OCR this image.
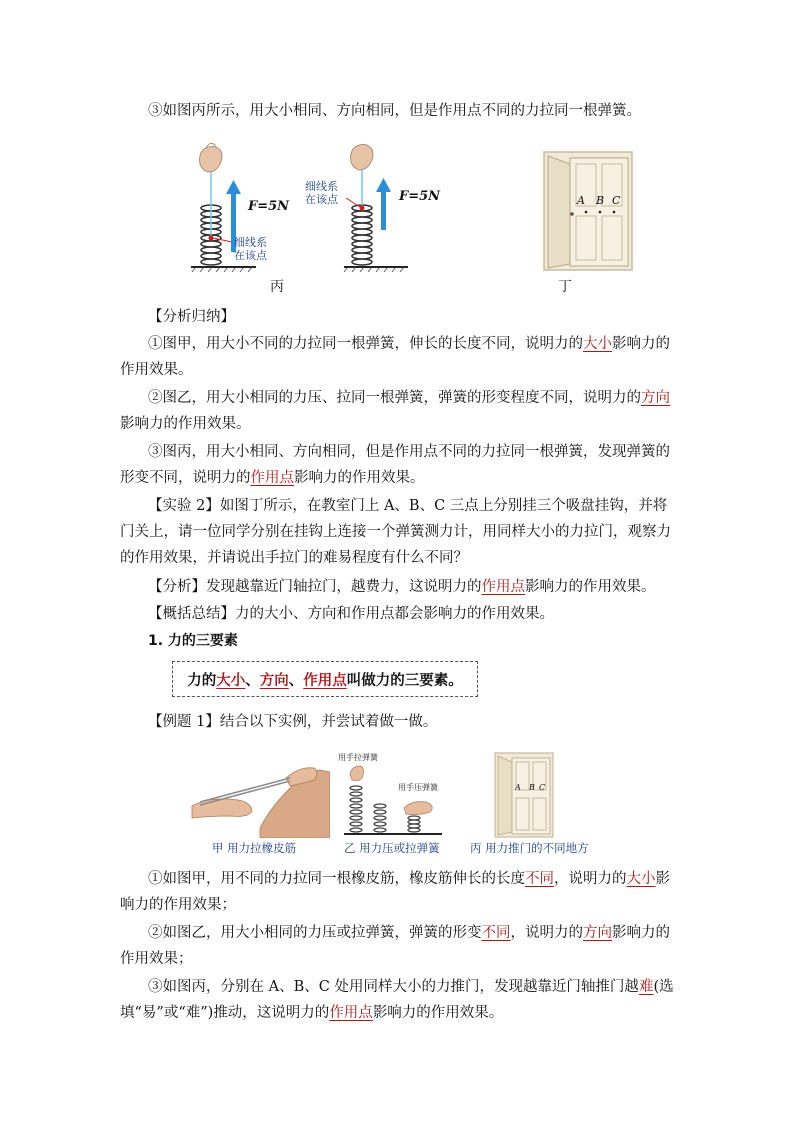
③如图丙所示，用大小相同、方向相同，但是作用点不同的力拉同一根弹簧。

F=5N
F=5N
细线系
在该点
细线系
在该点
丙
A B C
丁

【分析归纳】

①图甲，用大小不同的力拉同一根弹簧，伸长的长度不同，说明力的大小影响力的作用效果。

②图乙，用大小相同的力压、拉同一根弹簧，弹簧的形变程度不同，说明力的方向影响力的作用效果。

③图丙，用大小相同、方向相同，但是作用点不同的力拉同一根弹簧，发现弹簧的形变不同，说明力的作用点影响力的作用效果。

【实验 2】如图丁所示，在教室门上 A、B、C 三点上分别挂三个吸盘挂钩，并将门关上，请一位同学分别在挂钩上连接一个弹簧测力计，用同样大小的力拉门，观察力的作用效果，并请说出手拉门的难易程度有什么不同？

【分析】发现越靠近门轴拉门，越费力，这说明力的作用点影响力的作用效果。

【概括总结】力的大小、方向和作用点都会影响力的作用效果。

1. 力的三要素

力的 大小 、 方向 、 作用点 叫做力的三要素。

【例题 1】结合以下实例，并尝试着做一做。

用手拉弹簧
用手压弹簧	A B C
甲 用力拉橡皮筋	乙 用力压或拉弹簧	丙 用力推门的不同地方

①如图甲，用不同的力拉同一根橡皮筋，橡皮筋伸长的长度不同，说明力的大小影响力的作用效果；

②如图乙，用大小相同的力压或拉弹簧，弹簧的形变不同，说明力的方向影响力的作用效果；

③如图丙，分别在 A、B、C 处用同样大小的力推门，发现越靠近门轴推门越难(选填“易”或“难”)推动，这说明力的作用点影响力的作用效果。
